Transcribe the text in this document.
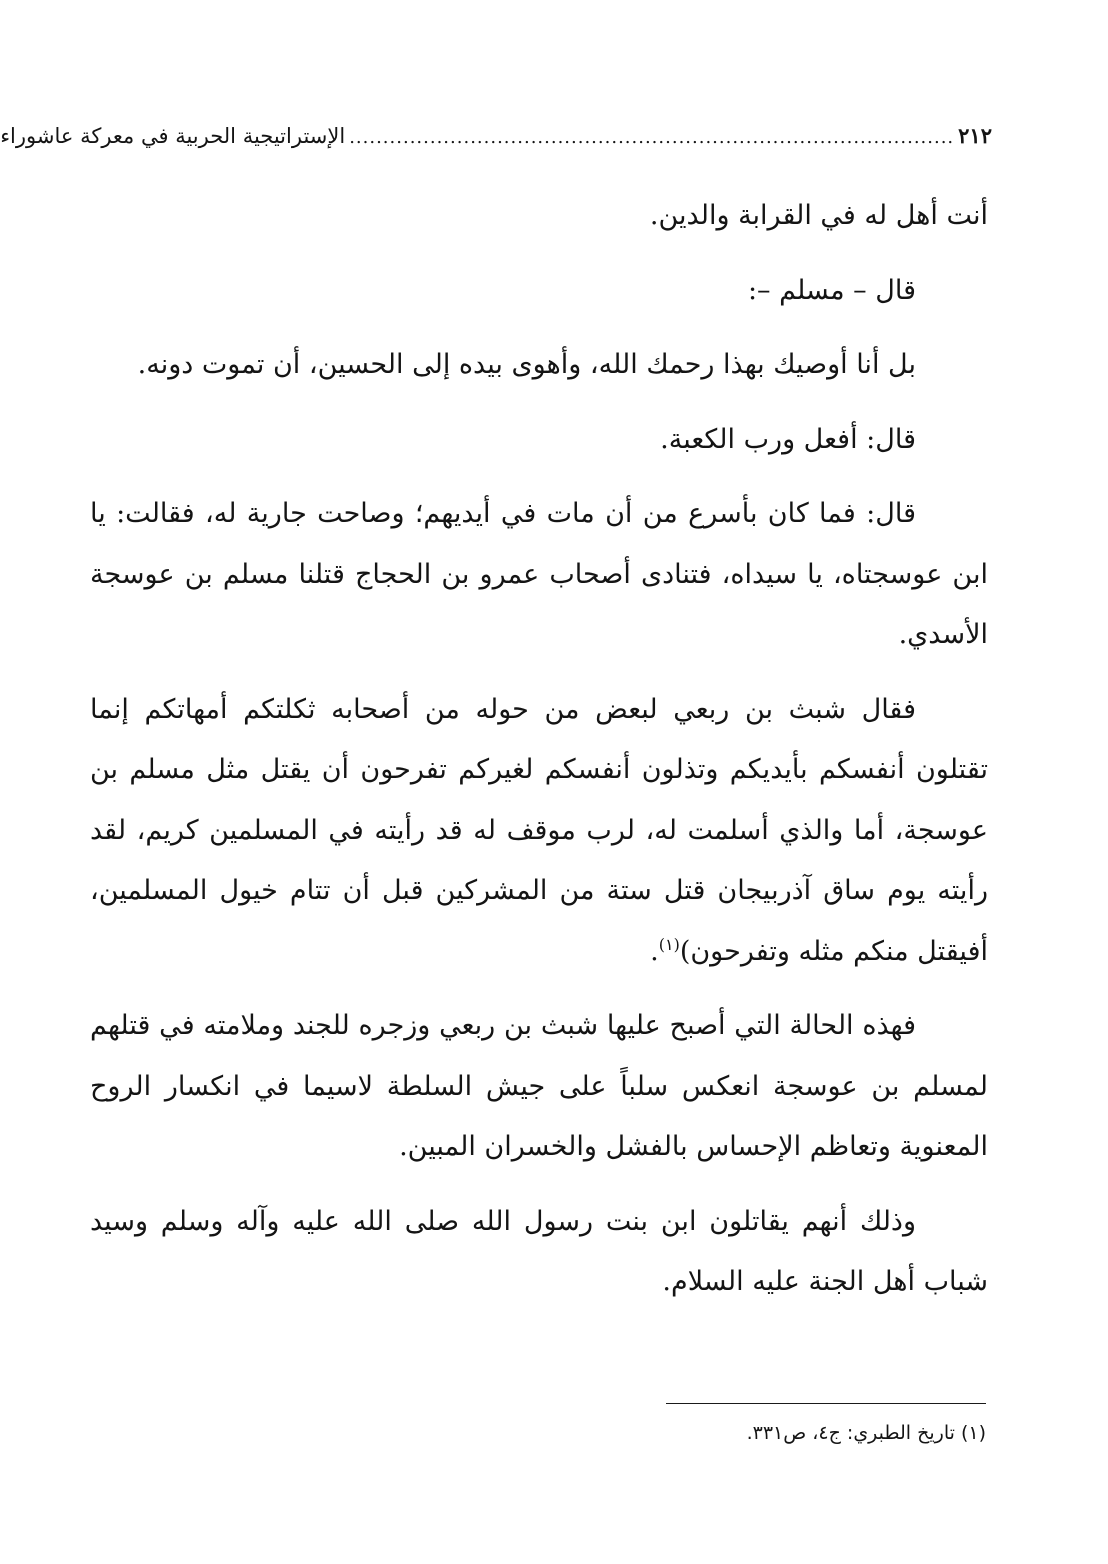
٢١٢
..........................................................................................
الإستراتيجية الحربية في معركة عاشوراء

أنت أهل له في القرابة والدين.

قال – مسلم –:

بل أنا أوصيك بهذا رحمك الله، وأهوى بيده إلى الحسين، أن تموت دونه.

قال: أفعل ورب الكعبة.

قال: فما كان بأسرع من أن مات في أيديهم؛ وصاحت جارية له، فقالت: يا ابن عوسجتاه، يا سيداه، فتنادى أصحاب عمرو بن الحجاج قتلنا مسلم بن عوسجة الأسدي.

فقال شبث بن ربعي لبعض من حوله من أصحابه ثكلتكم أمهاتكم إنما تقتلون أنفسكم بأيديكم وتذلون أنفسكم لغيركم تفرحون أن يقتل مثل مسلم بن عوسجة، أما والذي أسلمت له، لرب موقف له قد رأيته في المسلمين كريم، لقد رأيته يوم ساق آذربيجان قتل ستة من المشركين قبل أن تتام خيول المسلمين، أفيقتل منكم مثله وتفرحون)$^{(١)}$.

فهذه الحالة التي أصبح عليها شبث بن ربعي وزجره للجند وملامته في قتلهم لمسلم بن عوسجة انعكس سلباً على جيش السلطة لاسيما في انكسار الروح المعنوية وتعاظم الإحساس بالفشل والخسران المبين.

وذلك أنهم يقاتلون ابن بنت رسول الله صلى الله عليه وآله وسلم وسيد شباب أهل الجنة عليه السلام.

(١) تاريخ الطبري: ج٤، ص٣٣١.
